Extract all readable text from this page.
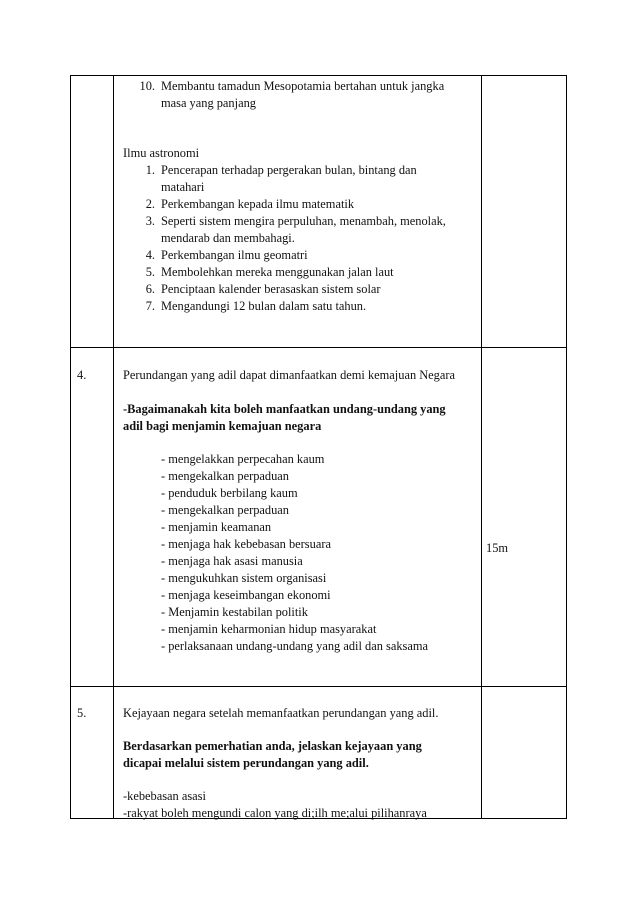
10. Membantu tamadun Mesopotamia bertahan untuk jangka
masa yang panjang
Ilmu astronomi
1. Pencerapan terhadap pergerakan bulan, bintang dan
matahari
2. Perkembangan kepada ilmu matematik
3. Seperti sistem mengira perpuluhan, menambah, menolak,
mendarab dan membahagi.
4. Perkembangan ilmu geomatri
5. Membolehkan mereka menggunakan jalan laut
6. Penciptaan kalender berasaskan sistem solar
7. Mengandungi 12 bulan dalam satu tahun.
4.	Perundangan yang adil dapat dimanfaatkan demi kemajuan Negara
-Bagaimanakah kita boleh manfaatkan undang-undang yang
adil bagi menjamin kemajuan negara
- mengelakkan perpecahan kaum
- mengekalkan perpaduan
- penduduk berbilang kaum
- mengekalkan perpaduan
- menjamin keamanan
- menjaga hak kebebasan bersuara
- menjaga hak asasi manusia
- mengukuhkan sistem organisasi
- menjaga keseimbangan ekonomi
- Menjamin kestabilan politik
- menjamin keharmonian hidup masyarakat
- perlaksanaan undang-undang yang adil dan saksama
15m
5.	Kejayaan negara setelah memanfaatkan perundangan yang adil.
Berdasarkan pemerhatian anda, jelaskan kejayaan yang
dicapai melalui sistem perundangan yang adil.
-kebebasan asasi
-rakyat boleh mengundi calon yang di;ilh me;alui pilihanraya
